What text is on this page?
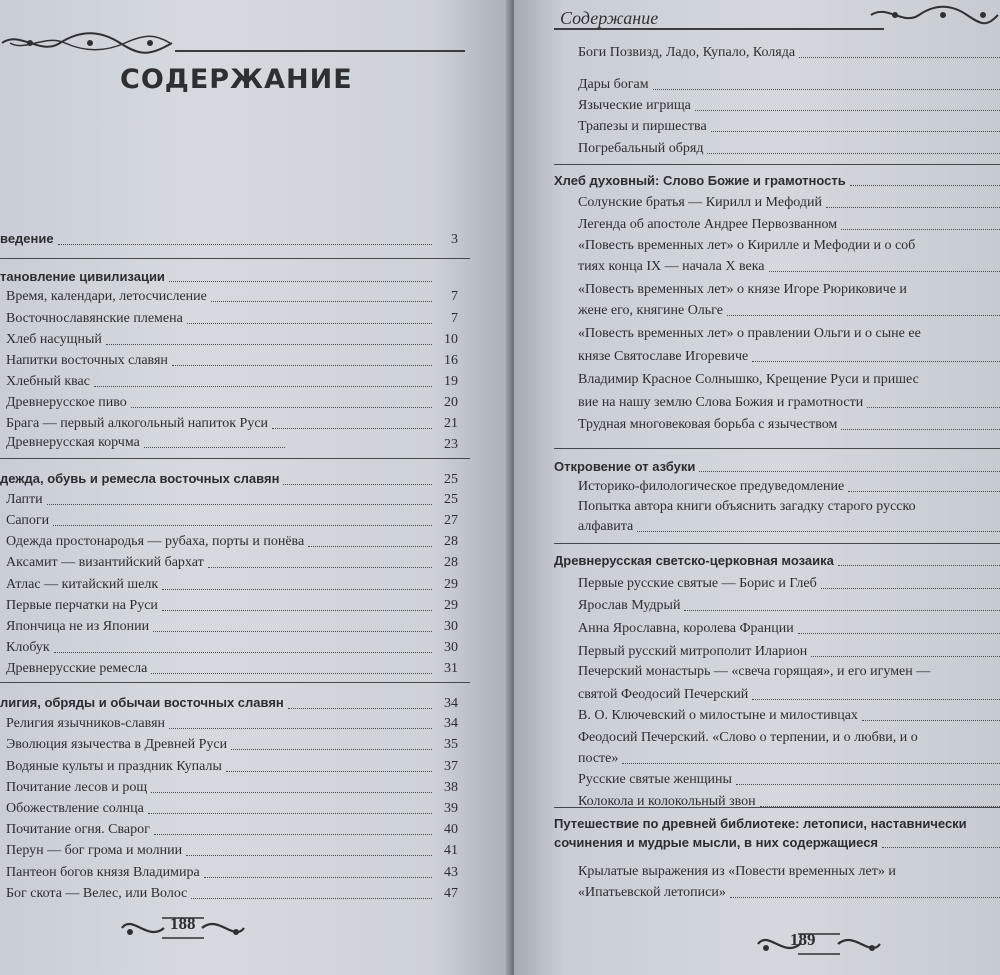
СОДЕРЖАНИЕ
ведение	3
тановление цивилизации
Время, календари, летосчисление	7
Восточнославянские племена	7
Хлеб насущный	10
Напитки восточных славян	16
Хлебный квас	19
Древнерусское пиво	20
Брага — первый алкогольный напиток Руси	21
Древнерусская корчма	23
дежда, обувь и ремесла восточных славян	25
Лапти	25
Сапоги	27
Одежда простонародья — рубаха, порты и понёва	28
Аксамит — византийский бархат	28
Атлас — китайский шелк	29
Первые перчатки на Руси	29
Япончица не из Японии	30
Клобук	30
Древнерусские ремесла	31
лигия, обряды и обычаи восточных славян	34
Религия язычников-славян	34
Эволюция язычества в Древней Руси	35
Водяные культы и праздник Купалы	37
Почитание лесов и рощ	38
Обожествление солнца	39
Почитание огня. Сварог	40
Перун — бог грома и молнии	41
Пантеон богов князя Владимира	43
Бог скота — Велес, или Волос	47
188
Боги Позвизд, Ладо, Купало, Коляда
Дары богам
Языческие игрища
Трапезы и пиршества
Погребальный обряд
Хлеб духовный: Слово Божие и грамотность
Солунские братья — Кирилл и Мефодий
Легенда об апостоле Андрее Первозванном
«Повесть временных лет» о Кирилле и Мефодии и о соб
тиях конца IX — начала X века
«Повесть временных лет» о князе Игоре Рюриковиче и
жене его, княгине Ольге
«Повесть временных лет» о правлении Ольги и о сыне ее
князе Святославе Игоревиче
Владимир Красное Солнышко, Крещение Руси и пришес
вие на нашу землю Слова Божия и грамотности
Трудная многовековая борьба с язычеством
Откровение от азбуки
Историко-филологическое предуведомление
Попытка автора книги объяснить загадку старого русско
алфавита
Древнерусская светско-церковная мозаика
Первые русские святые — Борис и Глеб
Ярослав Мудрый
Анна Ярославна, королева Франции
Первый русский митрополит Иларион
Печерский монастырь — «свеча горящая», и его игумен —
святой Феодосий Печерский
В. О. Ключевский о милостыне и милостивцах
Феодосий Печерский. «Слово о терпении, и о любви, и о
посте»
Русские святые женщины
Колокола и колокольный звон
Путешествие по древней библиотеке: летописи, наставнически
сочинения и мудрые мысли, в них содержащиеся
Крылатые выражения из «Повести временных лет» и
«Ипатьевской летописи»
189
Содержание
